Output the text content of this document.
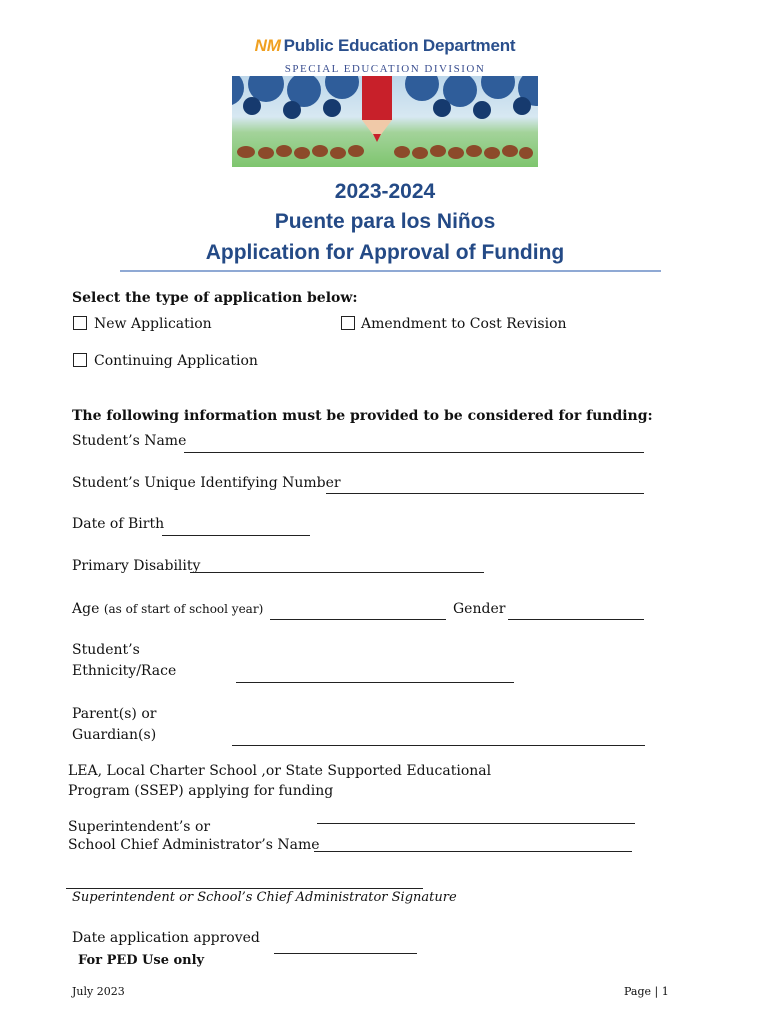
NM Public Education Department
SPECIAL EDUCATION DIVISION
2023-2024
Puente para los Niños
Application for Approval of Funding
Select the type of application below:
New Application	Amendment to Cost Revision
Continuing Application
The following information must be provided to be considered for funding:
Student’s Name
Student’s Unique Identifying Number
Date of Birth
Primary Disability
Age (as of start of school year)	Gender
Student’s
Ethnicity/Race
Parent(s) or
Guardian(s)
LEA, Local Charter School ,or State Supported Educational
Program (SSEP) applying for funding
Superintendent’s or
School Chief Administrator’s Name
Superintendent or School’s Chief Administrator Signature
Date application approved
For PED Use only
July 2023	Page | 1
